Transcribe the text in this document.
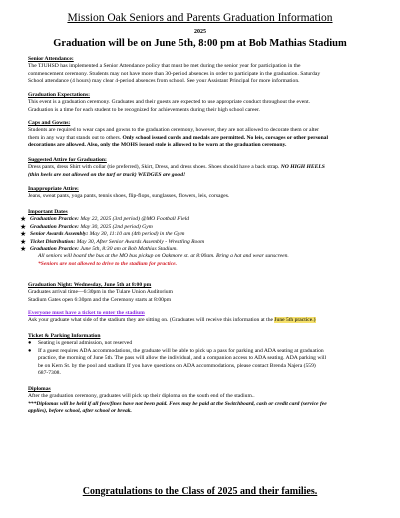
Mission Oak Seniors and Parents Graduation Information
2025
Graduation will be on June 5th, 8:00 pm at Bob Mathias Stadium
Senior Attendance:
The TJUHSD has implemented a Senior Attendance policy that must be met during the senior year for participation in the
commencement ceremony. Students may not have more than 30-period absences in order to participate in the graduation. Saturday
School attendance (4 hours) may clear 4-period absences from school. See your Assistant Principal for more information.
Graduation Expectations:
This event is a graduation ceremony. Graduates and their guests are expected to use appropriate conduct throughout the event.
Graduation is a time for each student to be recognized for achievements during their high school career.
Caps and Gowns:
Students are required to wear caps and gowns to the graduation ceremony, however, they are not allowed to decorate them or alter
them in any way that stands out to others. Only school issued cords and medals are permitted. No leis, corsages or other personal
decorations are allowed. Also, only the MOHS issued stole is allowed to be worn at the graduation ceremony.
Suggested Attire for Graduation:
Dress pants, dress Shirt with collar (tie preferred), Skirt, Dress, and dress shoes. Shoes should have a back strap. NO HIGH HEELS
(thin heels are not allowed on the turf or track) WEDGES are good!
Inappropriate Attire:
Jeans, sweat pants, yoga pants, tennis shoes, flip-flops, sunglasses, flowers, leis, corsages.
Important Dates
★ Graduation Practice: May 22, 2025 (3rd period) @MO Football Field
★ Graduation Practice: May 30, 2025 (2nd period) Gym
★ Senior Awards Assembly: May 30, 11:10 am (4th period) in the Gym
★ Ticket Distribution: May 30, After Senior Awards Assembly - Wrestling Room
★ Graduation Practice: June 5th, 8:30 am at Bob Mathias Stadium.
All seniors will board the bus at the MO bus pickup on Oakmore st. at 8:00am. Bring a hat and wear sunscreen.
*Seniors are not allowed to drive to the stadium for practice.
Graduation Night: Wednesday, June 5th at 8:00 pm
Graduates arrival time—6:30pm in the Tulare Union Auditorium
Stadium Gates open 6:30pm and the Ceremony starts at 8:00pm
Everyone must have a ticket to enter the stadium
Ask your graduate what side of the stadium they are sitting on. (Graduates will receive this information at the June 5th practice.)
Ticket & Parking Information
● Seating is general admission, not reserved
● If a guest requires ADA accommodations, the graduate will be able to pick up a pass for parking and ADA seating at graduation
practice, the morning of June 5th. The pass will allow the individual, and a companion access to ADA seating. ADA parking will
be on Kern St. by the pool and stadium If you have questions on ADA accommodations, please contact Brenda Najera (559)
687-7308.
Diplomas
After the graduation ceremony, graduates will pick up their diploma on the south end of the stadium..
***Diplomas will be held if all fees/fines have not been paid. Fees may be paid at the Switchboard, cash or credit card (service fee
applies), before school, after school or break.
Congratulations to the Class of 2025 and their families.
